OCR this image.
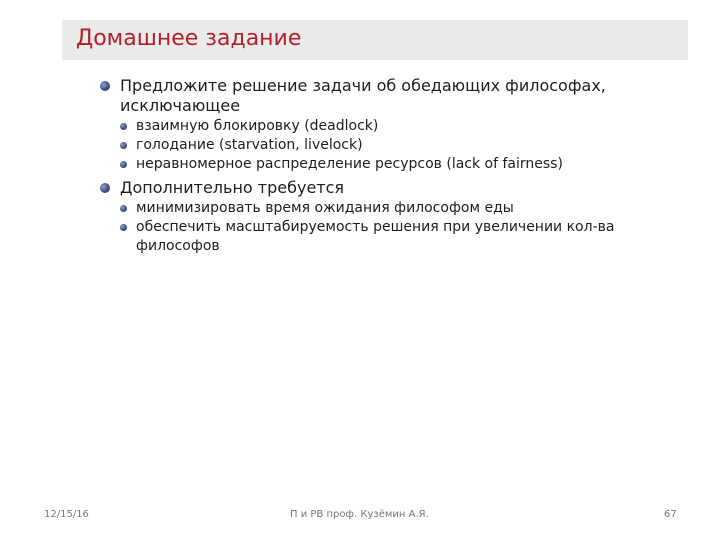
Домашнее задание
Предложите решение задачи об обедающих философах, исключающее
взаимную блокировку (deadlock)
голодание (starvation, livelock)
неравномерное распределение ресурсов (lack of fairness)
Дополнительно требуется
минимизировать время ожидания философом еды
обеспечить масштабируемость решения при увеличении кол-ва философов
12/15/16	П и РВ проф. Кузёмин А.Я.	67
